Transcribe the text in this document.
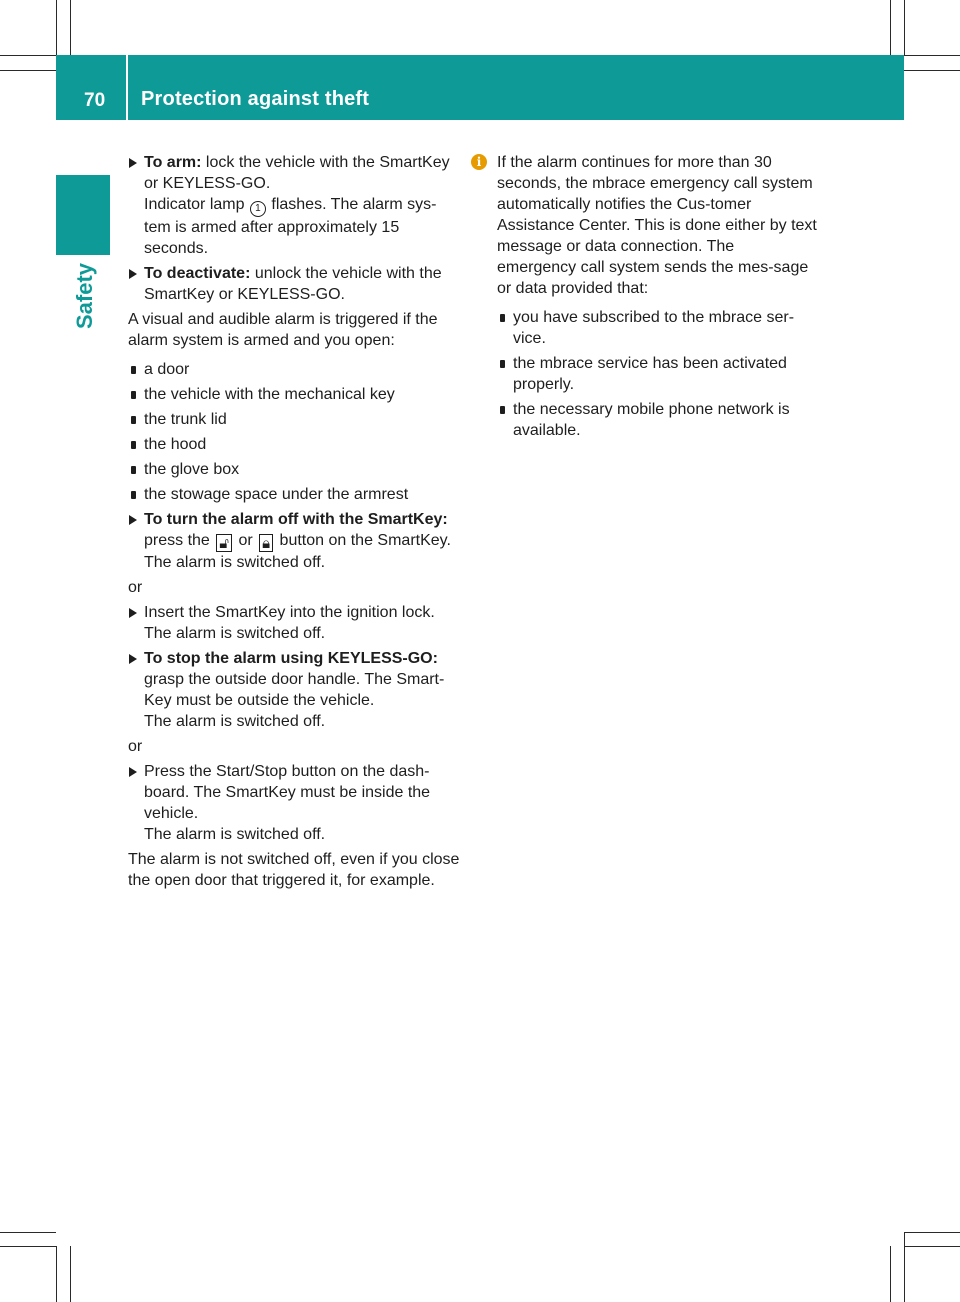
70 Protection against theft
Safety
To arm: lock the vehicle with the SmartKey or KEYLESS-GO.
Indicator lamp 1 flashes. The alarm sys-tem is armed after approximately 15 seconds.
To deactivate: unlock the vehicle with the SmartKey or KEYLESS-GO.
A visual and audible alarm is triggered if the alarm system is armed and you open:
a door
the vehicle with the mechanical key
the trunk lid
the hood
the glove box
the stowage space under the armrest
To turn the alarm off with the SmartKey:
press the 🔓︎ or 🔒︎ button on the SmartKey.
The alarm is switched off.
or
Insert the SmartKey into the ignition lock.
The alarm is switched off.
To stop the alarm using KEYLESS-GO:
grasp the outside door handle. The Smart-Key must be outside the vehicle.
The alarm is switched off.
or
Press the Start/Stop button on the dash-board. The SmartKey must be inside the vehicle.
The alarm is switched off.
The alarm is not switched off, even if you close the open door that triggered it, for example.
i If the alarm continues for more than 30 seconds, the mbrace emergency call system automatically notifies the Cus-tomer Assistance Center. This is done either by text message or data connection. The emergency call system sends the mes-sage or data provided that:
you have subscribed to the mbrace ser-vice.
the mbrace service has been activated properly.
the necessary mobile phone network is available.
